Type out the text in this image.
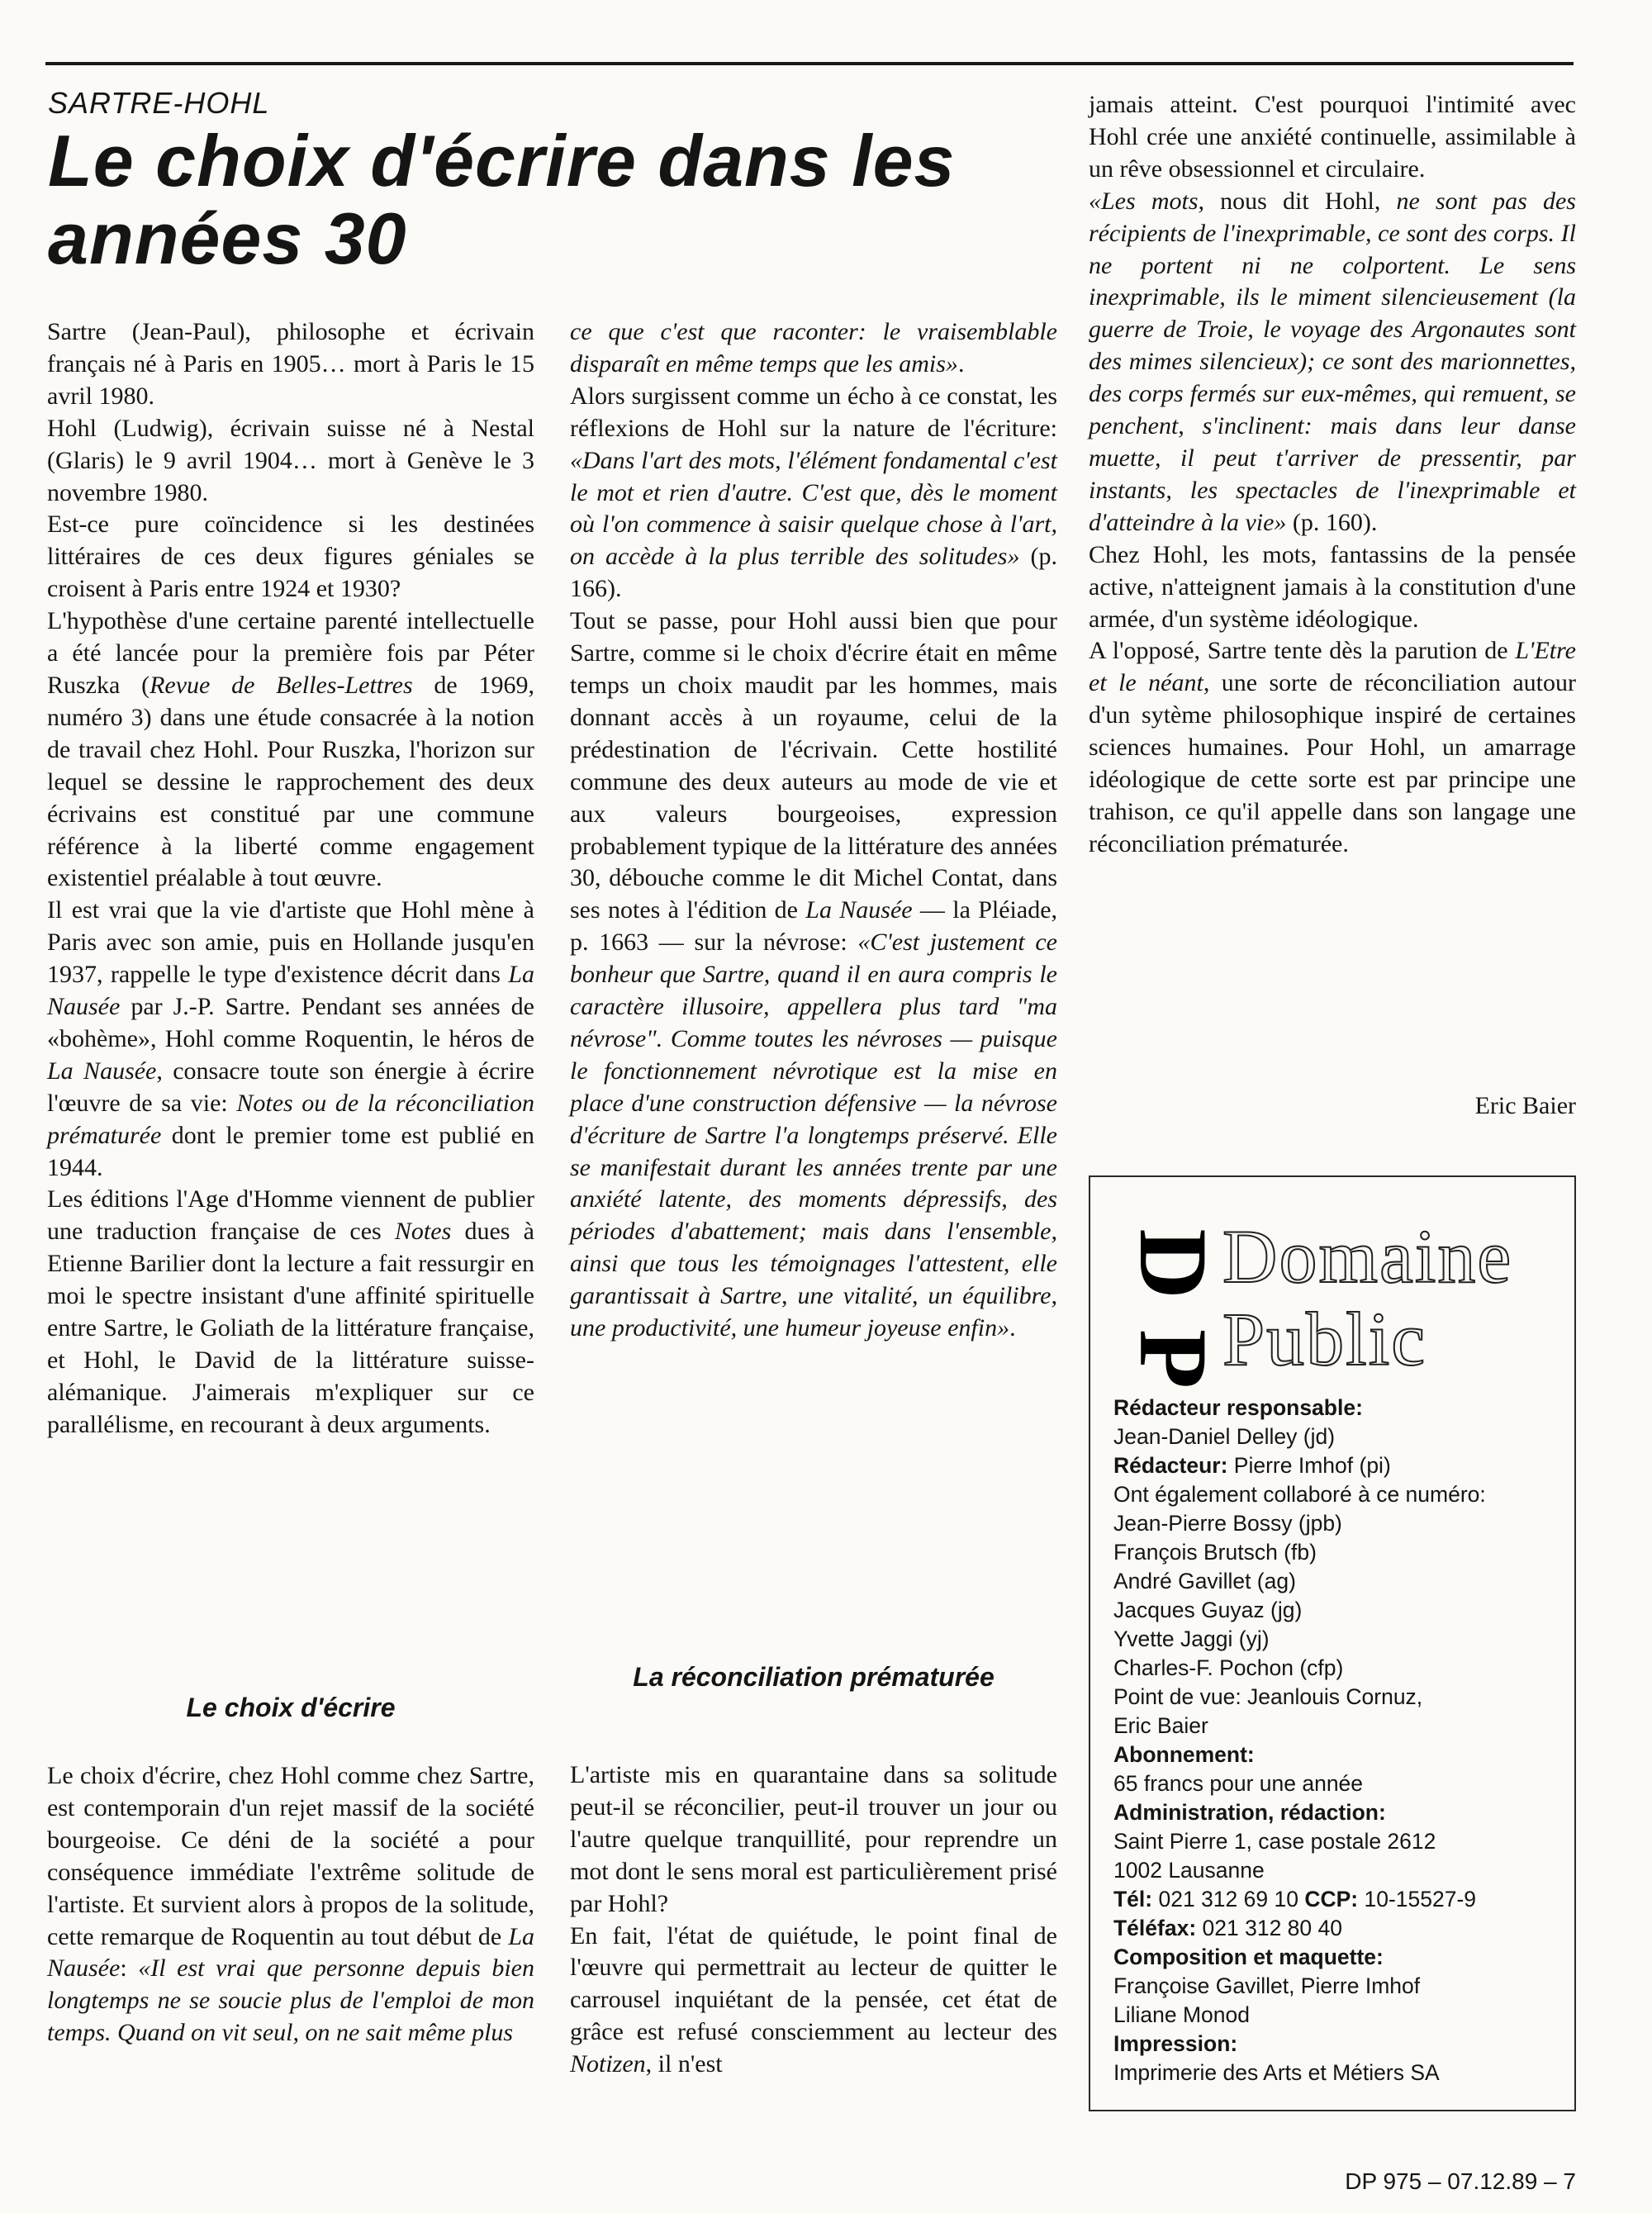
SARTRE-HOHL
Le choix d'écrire dans les années 30

Sartre (Jean-Paul), philosophe et écrivain français né à Paris en 1905… mort à Paris le 15 avril 1980.

Hohl (Ludwig), écrivain suisse né à Nestal (Glaris) le 9 avril 1904… mort à Genève le 3 novembre 1980.

Est-ce pure coïncidence si les destinées littéraires de ces deux figures géniales se croisent à Paris entre 1924 et 1930?

L'hypothèse d'une certaine parenté intellectuelle a été lancée pour la première fois par Péter Ruszka (Revue de Belles-Lettres de 1969, numéro 3) dans une étude consacrée à la notion de travail chez Hohl. Pour Ruszka, l'horizon sur lequel se dessine le rapprochement des deux écrivains est constitué par une commune référence à la liberté comme engagement existentiel préalable à tout œuvre.

Il est vrai que la vie d'artiste que Hohl mène à Paris avec son amie, puis en Hollande jusqu'en 1937, rappelle le type d'existence décrit dans La Nausée par J.-P. Sartre. Pendant ses années de «bohème», Hohl comme Roquentin, le héros de La Nausée, consacre toute son énergie à écrire l'œuvre de sa vie: Notes ou de la réconciliation prématurée dont le premier tome est publié en 1944.

Les éditions l'Age d'Homme viennent de publier une traduction française de ces Notes dues à Etienne Barilier dont la lecture a fait ressurgir en moi le spectre insistant d'une affinité spirituelle entre Sartre, le Goliath de la littérature française, et Hohl, le David de la littérature suisse-alémanique. J'aimerais m'expliquer sur ce parallélisme, en recourant à deux arguments.

Le choix d'écrire, chez Hohl comme chez Sartre, est contemporain d'un rejet massif de la société bourgeoise. Ce déni de la société a pour conséquence immédiate l'extrême solitude de l'artiste. Et survient alors à propos de la solitude, cette remarque de Roquentin au tout début de La Nausée: «Il est vrai que personne depuis bien longtemps ne se soucie plus de l'emploi de mon temps. Quand on vit seul, on ne sait même plus

Le choix d'écrire

ce que c'est que raconter: le vraisemblable disparaît en même temps que les amis».

Alors surgissent comme un écho à ce constat, les réflexions de Hohl sur la nature de l'écriture: «Dans l'art des mots, l'élément fondamental c'est le mot et rien d'autre. C'est que, dès le moment où l'on commence à saisir quelque chose à l'art, on accède à la plus terrible des solitudes» (p. 166).

Tout se passe, pour Hohl aussi bien que pour Sartre, comme si le choix d'écrire était en même temps un choix maudit par les hommes, mais donnant accès à un royaume, celui de la prédestination de l'écrivain. Cette hostilité commune des deux auteurs au mode de vie et aux valeurs bourgeoises, expression probablement typique de la littérature des années 30, débouche comme le dit Michel Contat, dans ses notes à l'édition de La Nausée — la Pléiade, p. 1663 — sur la névrose: «C'est justement ce bonheur que Sartre, quand il en aura compris le caractère illusoire, appellera plus tard "ma névrose". Comme toutes les névroses — puisque le fonctionnement névrotique est la mise en place d'une construction défensive — la névrose d'écriture de Sartre l'a longtemps préservé. Elle se manifestait durant les années trente par une anxiété latente, des moments dépressifs, des périodes d'abattement; mais dans l'ensemble, ainsi que tous les témoignages l'attestent, elle garantissait à Sartre, une vitalité, un équilibre, une productivité, une humeur joyeuse enfin».

L'artiste mis en quarantaine dans sa solitude peut-il se réconcilier, peut-il trouver un jour ou l'autre quelque tranquillité, pour reprendre un mot dont le sens moral est particulièrement prisé par Hohl?

En fait, l'état de quiétude, le point final de l'œuvre qui permettrait au lecteur de quitter le carrousel inquiétant de la pensée, cet état de grâce est refusé consciemment au lecteur des Notizen, il n'est

La réconciliation prématurée

jamais atteint. C'est pourquoi l'intimité avec Hohl crée une anxiété continuelle, assimilable à un rêve obsessionnel et circulaire.

«Les mots, nous dit Hohl, ne sont pas des récipients de l'inexprimable, ce sont des corps. Il ne portent ni ne colportent. Le sens inexprimable, ils le miment silencieusement (la guerre de Troie, le voyage des Argonautes sont des mimes silencieux); ce sont des marionnettes, des corps fermés sur eux-mêmes, qui remuent, se penchent, s'inclinent: mais dans leur danse muette, il peut t'arriver de pressentir, par instants, les spectacles de l'inexprimable et d'atteindre à la vie» (p. 160).

Chez Hohl, les mots, fantassins de la pensée active, n'atteignent jamais à la constitution d'une armée, d'un système idéologique.

A l'opposé, Sartre tente dès la parution de L'Etre et le néant, une sorte de réconciliation autour d'un sytème philosophique inspiré de certaines sciences humaines. Pour Hohl, un amarrage idéologique de cette sorte est par principe une trahison, ce qu'il appelle dans son langage une réconciliation prématurée.

Eric Baier
D
P
Domaine
Public
Rédacteur responsable:
Jean-Daniel Delley (jd)
Rédacteur: Pierre Imhof (pi)
Ont également collaboré à ce numéro:
Jean-Pierre Bossy (jpb)
François Brutsch (fb)
André Gavillet (ag)
Jacques Guyaz (jg)
Yvette Jaggi (yj)
Charles-F. Pochon (cfp)
Point de vue: Jeanlouis Cornuz,
Eric Baier
Abonnement:
65 francs pour une année
Administration, rédaction:
Saint Pierre 1, case postale 2612
1002 Lausanne
Tél: 021 312 69 10 CCP: 10-15527-9
Téléfax: 021 312 80 40
Composition et maquette:
Françoise Gavillet, Pierre Imhof
Liliane Monod
Impression:
Imprimerie des Arts et Métiers SA
DP 975 – 07.12.89 – 7
